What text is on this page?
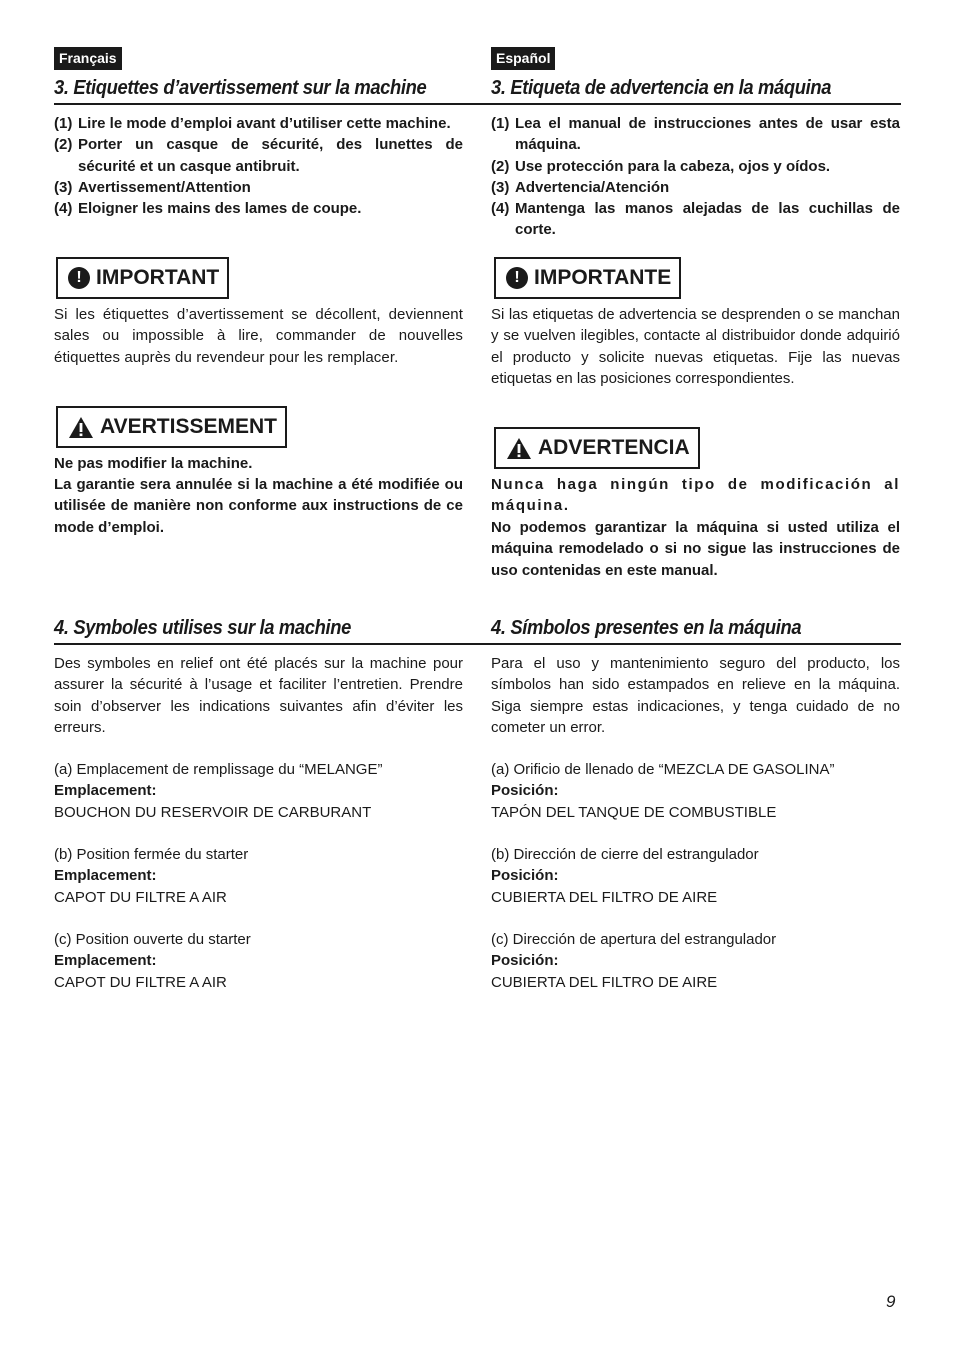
Français
3. Etiquettes d’avertissement sur la machine
(1) Lire le mode d’emploi avant d’utiliser cette machine.
(2) Porter un casque de sécurité, des lunettes de sécurité et un casque antibruit.
(3) Avertissement/Attention
(4) Eloigner les mains des lames de coupe.
! IMPORTANT

Si les étiquettes d’avertissement se décollent, deviennent sales ou impossible à lire, commander de nouvelles étiquettes auprès du revendeur pour les remplacer.

AVERTISSEMENT

Ne pas modifier la machine.

La garantie sera annulée si la machine a été modifiée ou utilisée de manière non conforme aux instructions de ce mode d’emploi.

4. Symboles utilises sur la machine

Des symboles en relief ont été placés sur la machine pour assurer la sécurité à l’usage et faciliter l’entretien. Prendre soin d’observer les indications suivantes afin d’éviter les erreurs.

(a) Emplacement de remplissage du “MELANGE”
Emplacement:
BOUCHON DU RESERVOIR DE CARBURANT
(b) Position fermée du starter
Emplacement:
CAPOT DU FILTRE A AIR
(c) Position ouverte du starter
Emplacement:
CAPOT DU FILTRE A AIR
Español
3. Etiqueta de advertencia en la máquina
(1) Lea el manual de instrucciones antes de usar esta máquina.
(2) Use protección para la cabeza, ojos y oídos.
(3) Advertencia/Atención
(4) Mantenga las manos alejadas de las cuchillas de corte.
! IMPORTANTE

Si las etiquetas de advertencia se desprenden o se manchan y se vuelven ilegibles, contacte al distribuidor donde adquirió el producto y solicite nuevas etiquetas. Fije las nuevas etiquetas en las posiciones correspondientes.

ADVERTENCIA

Nunca haga ningún tipo de modificación al máquina.

No podemos garantizar la máquina si usted utiliza el máquina remodelado o si no sigue las instrucciones de uso contenidas en este manual.

4. Símbolos presentes en la máquina

Para el uso y mantenimiento seguro del producto, los símbolos han sido estampados en relieve en la máquina. Siga siempre estas indicaciones, y tenga cuidado de no cometer un error.

(a) Orificio de llenado de “MEZCLA DE GASOLINA”
Posición:
TAPÓN DEL TANQUE DE COMBUSTIBLE
(b) Dirección de cierre del estrangulador
Posición:
CUBIERTA DEL FILTRO DE AIRE
(c) Dirección de apertura del estrangulador
Posición:
CUBIERTA DEL FILTRO DE AIRE
9
